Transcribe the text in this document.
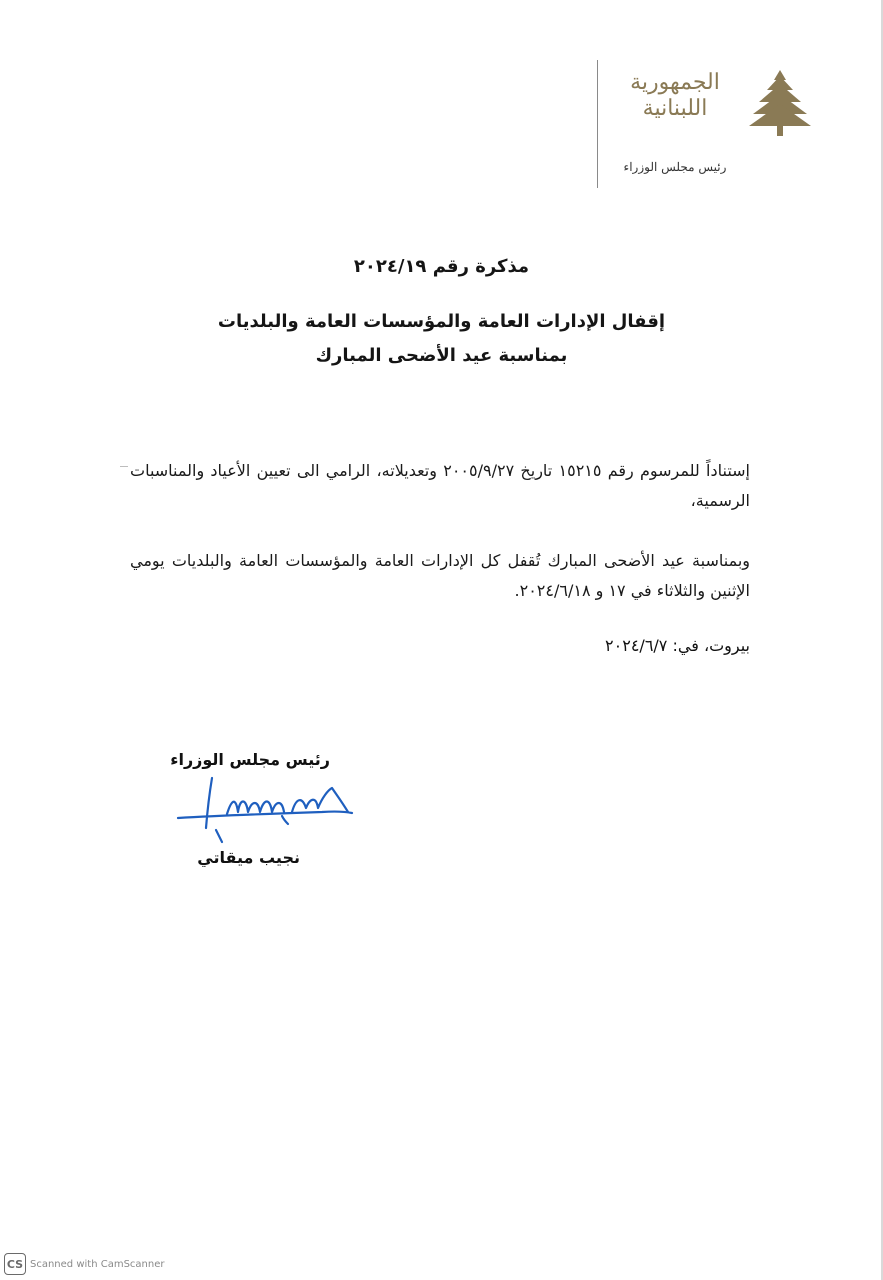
الجمهورية اللبنانية
رئيس مجلس الوزراء
مذكرة رقم ٢٠٢٤/١٩
إقفال الإدارات العامة والمؤسسات العامة والبلديات
بمناسبة عيد الأضحى المبارك
إستناداً للمرسوم رقم ١٥٢١٥ تاريخ ٢٠٠٥/٩/٢٧ وتعديلاته، الرامي الى تعيين الأعياد والمناسبات الرسمية،
وبمناسبة عيد الأضحى المبارك تُقفل كل الإدارات العامة والمؤسسات العامة والبلديات يومي الإثنين والثلاثاء في ١٧ و ٢٠٢٤/٦/١٨.
بيروت، في: ٢٠٢٤/٦/٧
رئيس مجلس الوزراء
نجيب ميقاتي
CS Scanned with CamScanner
